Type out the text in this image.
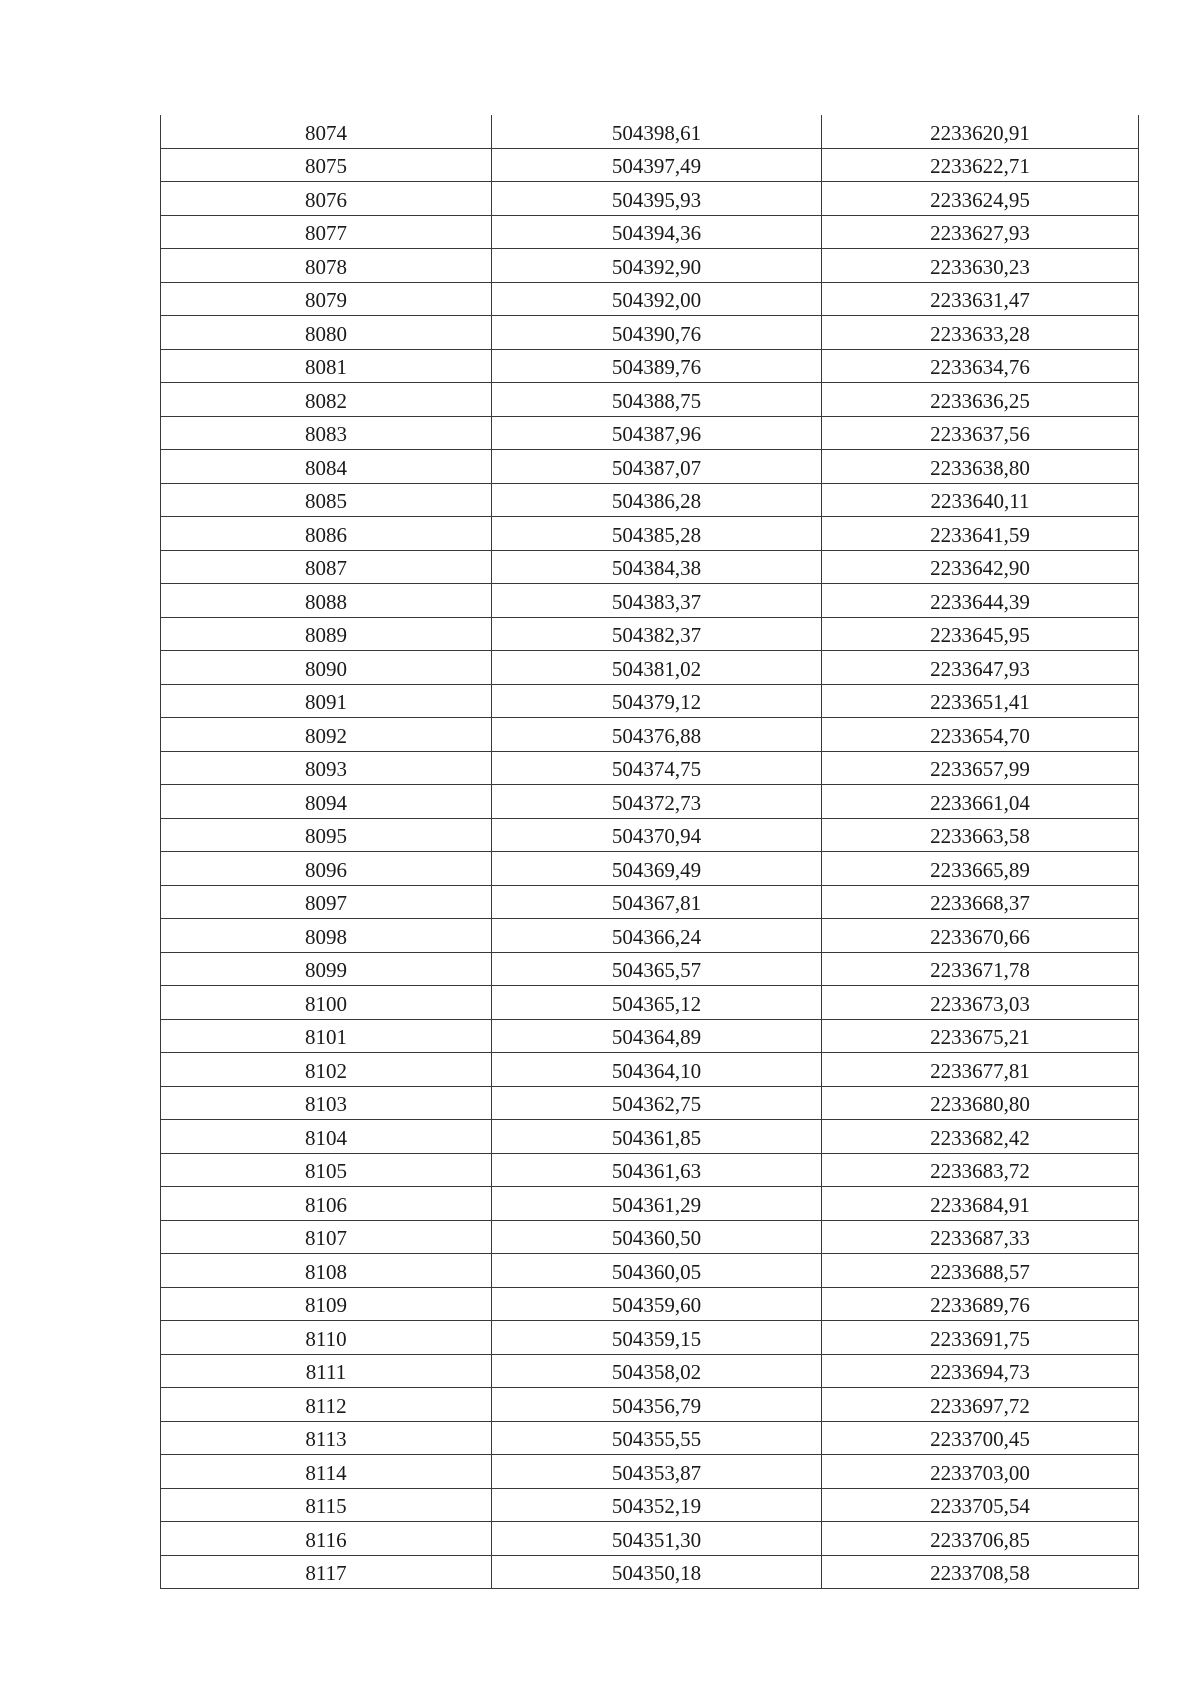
8074	504398,61	2233620,91
8075	504397,49	2233622,71
8076	504395,93	2233624,95
8077	504394,36	2233627,93
8078	504392,90	2233630,23
8079	504392,00	2233631,47
8080	504390,76	2233633,28
8081	504389,76	2233634,76
8082	504388,75	2233636,25
8083	504387,96	2233637,56
8084	504387,07	2233638,80
8085	504386,28	2233640,11
8086	504385,28	2233641,59
8087	504384,38	2233642,90
8088	504383,37	2233644,39
8089	504382,37	2233645,95
8090	504381,02	2233647,93
8091	504379,12	2233651,41
8092	504376,88	2233654,70
8093	504374,75	2233657,99
8094	504372,73	2233661,04
8095	504370,94	2233663,58
8096	504369,49	2233665,89
8097	504367,81	2233668,37
8098	504366,24	2233670,66
8099	504365,57	2233671,78
8100	504365,12	2233673,03
8101	504364,89	2233675,21
8102	504364,10	2233677,81
8103	504362,75	2233680,80
8104	504361,85	2233682,42
8105	504361,63	2233683,72
8106	504361,29	2233684,91
8107	504360,50	2233687,33
8108	504360,05	2233688,57
8109	504359,60	2233689,76
8110	504359,15	2233691,75
8111	504358,02	2233694,73
8112	504356,79	2233697,72
8113	504355,55	2233700,45
8114	504353,87	2233703,00
8115	504352,19	2233705,54
8116	504351,30	2233706,85
8117	504350,18	2233708,58
